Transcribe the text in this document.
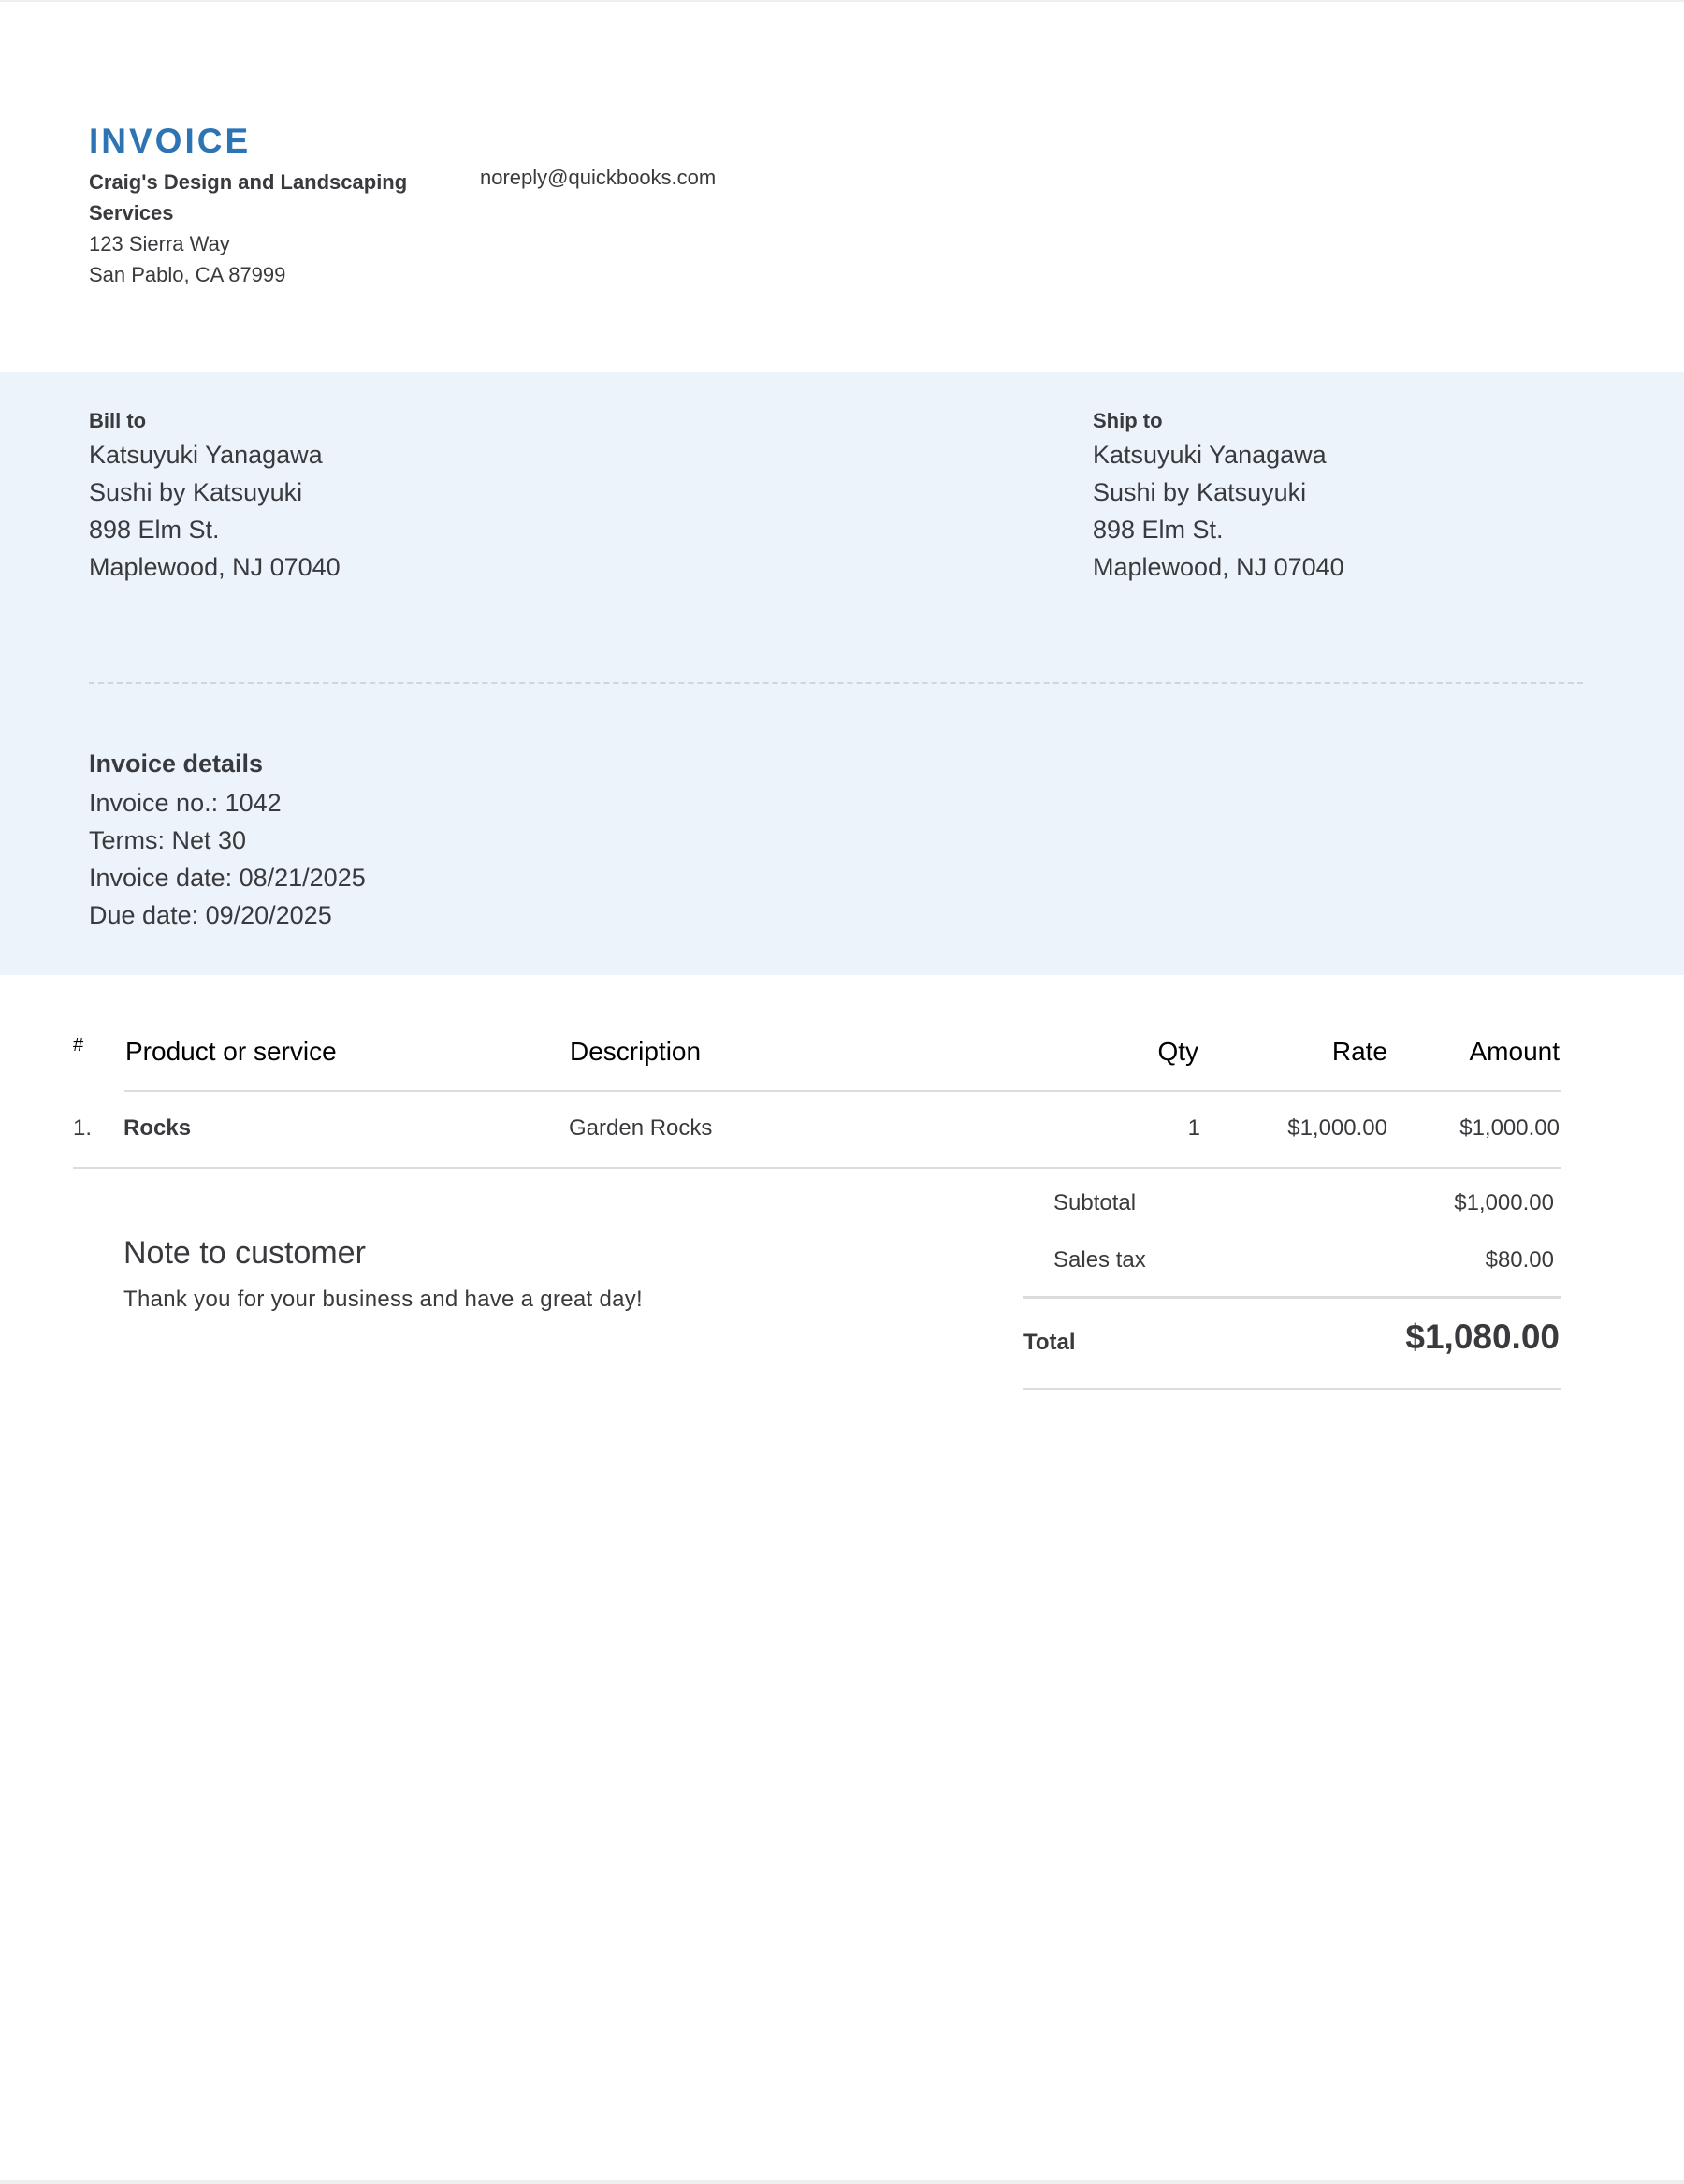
INVOICE
Craig's Design and Landscaping Services
123 Sierra Way
San Pablo, CA 87999
noreply@quickbooks.com
Bill to
Katsuyuki Yanagawa
Sushi by Katsuyuki
898 Elm St.
Maplewood, NJ 07040
Ship to
Katsuyuki Yanagawa
Sushi by Katsuyuki
898 Elm St.
Maplewood, NJ 07040
Invoice details
Invoice no.: 1042
Terms: Net 30
Invoice date: 08/21/2025
Due date: 09/20/2025
# Product or service	Description	Qty	Rate	Amount
1. Rocks	Garden Rocks	1	$1,000.00	$1,000.00
Note to customer
Thank you for your business and have a great day!
Subtotal	$1,000.00
Sales tax	$80.00
Total	$1,080.00
